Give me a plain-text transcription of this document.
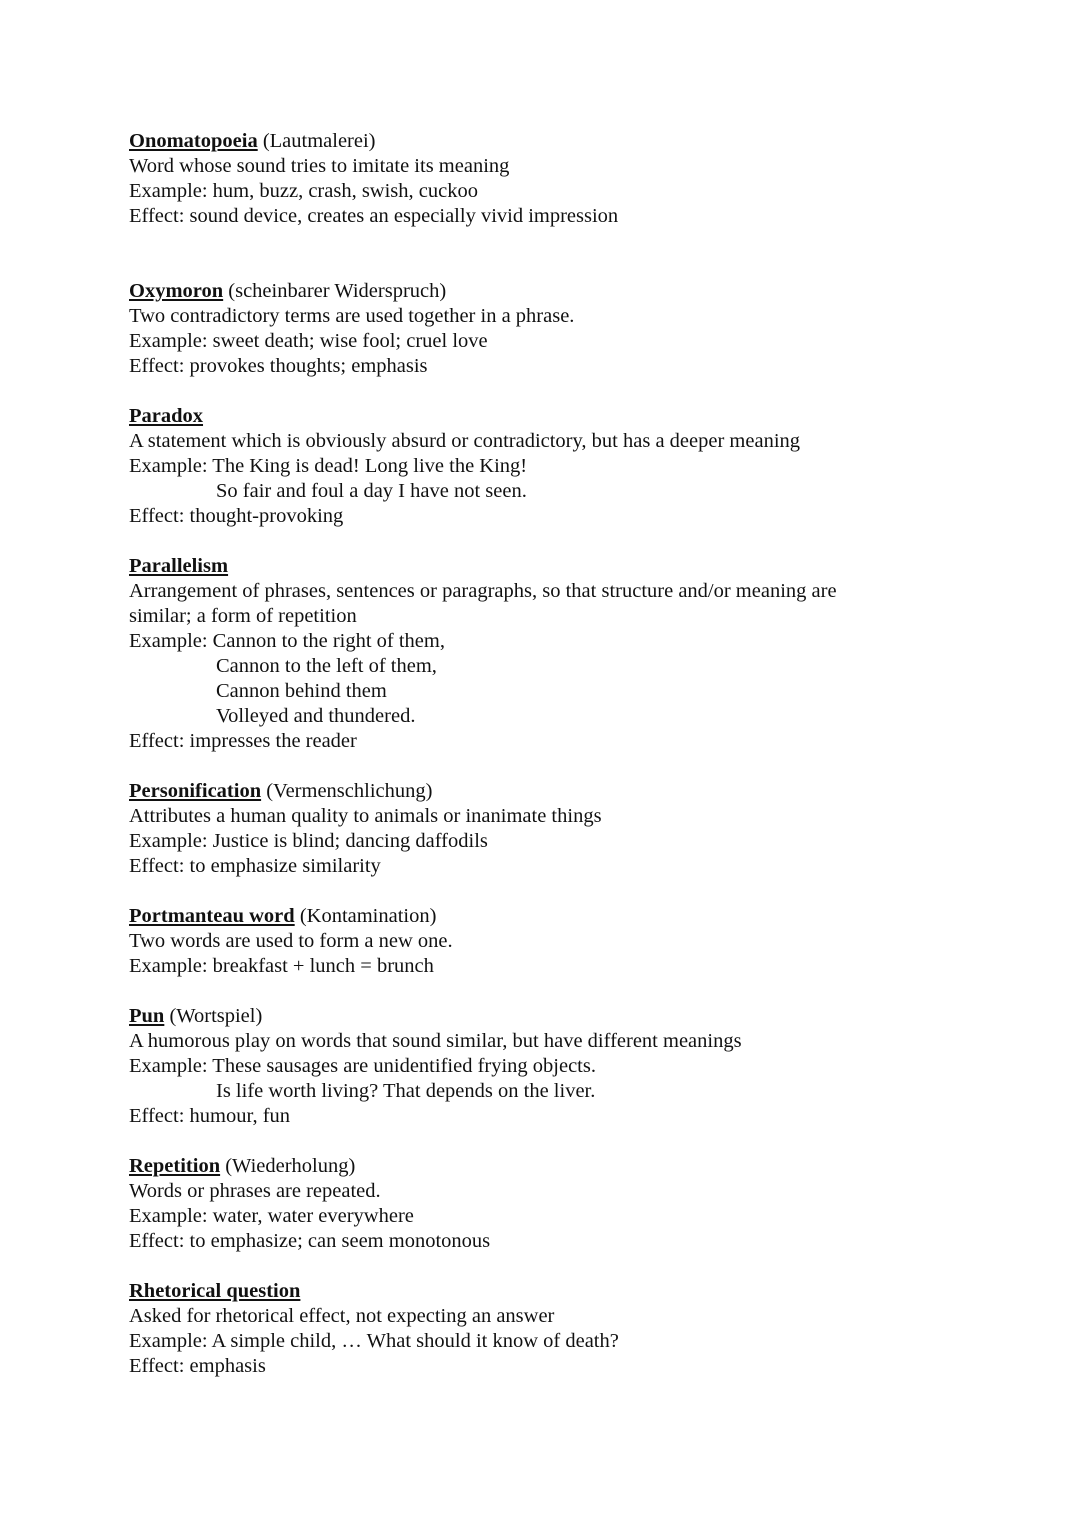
Onomatopoeia (Lautmalerei)

Word whose sound tries to imitate its meaning

Example: hum, buzz, crash, swish, cuckoo

Effect: sound device, creates an especially vivid impression

Oxymoron (scheinbarer Widerspruch)

Two contradictory terms are used together in a phrase.

Example: sweet death; wise fool; cruel love

Effect: provokes thoughts; emphasis

Paradox

A statement which is obviously absurd or contradictory, but has a deeper meaning

Example: The King is dead! Long live the King!

So fair and foul a day I have not seen.

Effect: thought-provoking

Parallelism

Arrangement of phrases, sentences or paragraphs, so that structure and/or meaning are similar; a form of repetition

Example: Cannon to the right of them,

Cannon to the left of them,

Cannon behind them

Volleyed and thundered.

Effect: impresses the reader

Personification (Vermenschlichung)

Attributes a human quality to animals or inanimate things

Example: Justice is blind; dancing daffodils

Effect: to emphasize similarity

Portmanteau word (Kontamination)

Two words are used to form a new one.

Example: breakfast + lunch = brunch

Pun (Wortspiel)

A humorous play on words that sound similar, but have different meanings

Example: These sausages are unidentified frying objects.

Is life worth living? That depends on the liver.

Effect: humour, fun

Repetition (Wiederholung)

Words or phrases are repeated.

Example: water, water everywhere

Effect: to emphasize; can seem monotonous

Rhetorical question

Asked for rhetorical effect, not expecting an answer

Example: A simple child, … What should it know of death?

Effect: emphasis
